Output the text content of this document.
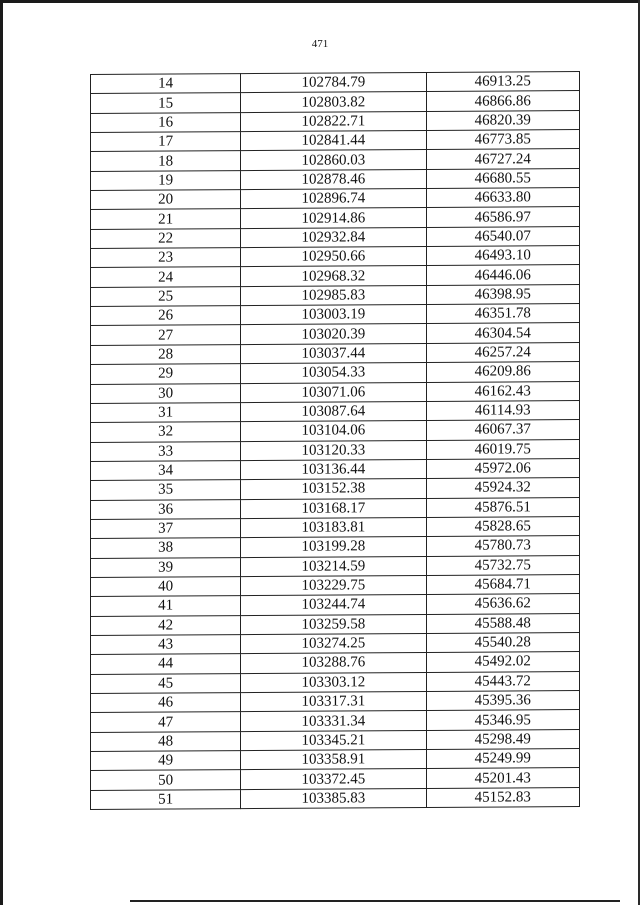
471
14	102784.79	46913.25
15	102803.82	46866.86
16	102822.71	46820.39
17	102841.44	46773.85
18	102860.03	46727.24
19	102878.46	46680.55
20	102896.74	46633.80
21	102914.86	46586.97
22	102932.84	46540.07
23	102950.66	46493.10
24	102968.32	46446.06
25	102985.83	46398.95
26	103003.19	46351.78
27	103020.39	46304.54
28	103037.44	46257.24
29	103054.33	46209.86
30	103071.06	46162.43
31	103087.64	46114.93
32	103104.06	46067.37
33	103120.33	46019.75
34	103136.44	45972.06
35	103152.38	45924.32
36	103168.17	45876.51
37	103183.81	45828.65
38	103199.28	45780.73
39	103214.59	45732.75
40	103229.75	45684.71
41	103244.74	45636.62
42	103259.58	45588.48
43	103274.25	45540.28
44	103288.76	45492.02
45	103303.12	45443.72
46	103317.31	45395.36
47	103331.34	45346.95
48	103345.21	45298.49
49	103358.91	45249.99
50	103372.45	45201.43
51	103385.83	45152.83
